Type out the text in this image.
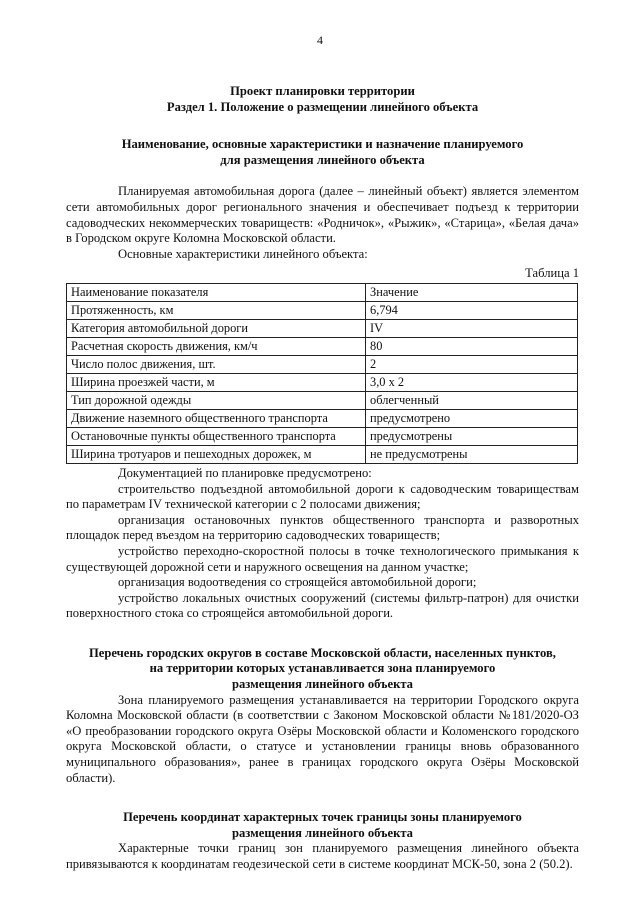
4

Проект планировки территории

Раздел 1. Положение о размещении линейного объекта

Наименование, основные характеристики и назначение планируемого

для размещения линейного объекта

Планируемая автомобильная дорога (далее – линейный объект) является элементом сети автомобильных дорог регионального значения и обеспечивает подъезд к территории садоводческих некоммерческих товариществ: «Родничок», «Рыжик», «Старица», «Белая дача» в Городском округе Коломна Московской области.

Основные характеристики линейного объекта:

Таблица 1

Наименование показателя	Значение
Протяженность, км	6,794
Категория автомобильной дороги	IV
Расчетная скорость движения, км/ч	80
Число полос движения, шт.	2
Ширина проезжей части, м	3,0 х 2
Тип дорожной одежды	облегченный
Движение наземного общественного транспорта	предусмотрено
Остановочные пункты общественного транспорта	предусмотрены
Ширина тротуаров и пешеходных дорожек, м	не предусмотрены

Документацией по планировке предусмотрено:

строительство подъездной автомобильной дороги к садоводческим товариществам по параметрам IV технической категории с 2 полосами движения;

организация остановочных пунктов общественного транспорта и разворотных площадок перед въездом на территорию садоводческих товариществ;

устройство переходно-скоростной полосы в точке технологического примыкания к существующей дорожной сети и наружного освещения на данном участке;

организация водоотведения со строящейся автомобильной дороги;

устройство локальных очистных сооружений (системы фильтр-патрон) для очистки поверхностного стока со строящейся автомобильной дороги.

Перечень городских округов в составе Московской области, населенных пунктов,

на территории которых устанавливается зона планируемого

размещения линейного объекта

Зона планируемого размещения устанавливается на территории Городского округа Коломна Московской области (в соответствии с Законом Московской области №181/2020-ОЗ «О преобразовании городского округа Озёры Московской области и Коломенского городского округа Московской области, о статусе и установлении границы вновь образованного муниципального образования», ранее в границах городского округа Озёры Московской области).

Перечень координат характерных точек границы зоны планируемого

размещения линейного объекта

Характерные точки границ зон планируемого размещения линейного объекта привязываются к координатам геодезической сети в системе координат МСК-50, зона 2 (50.2).
